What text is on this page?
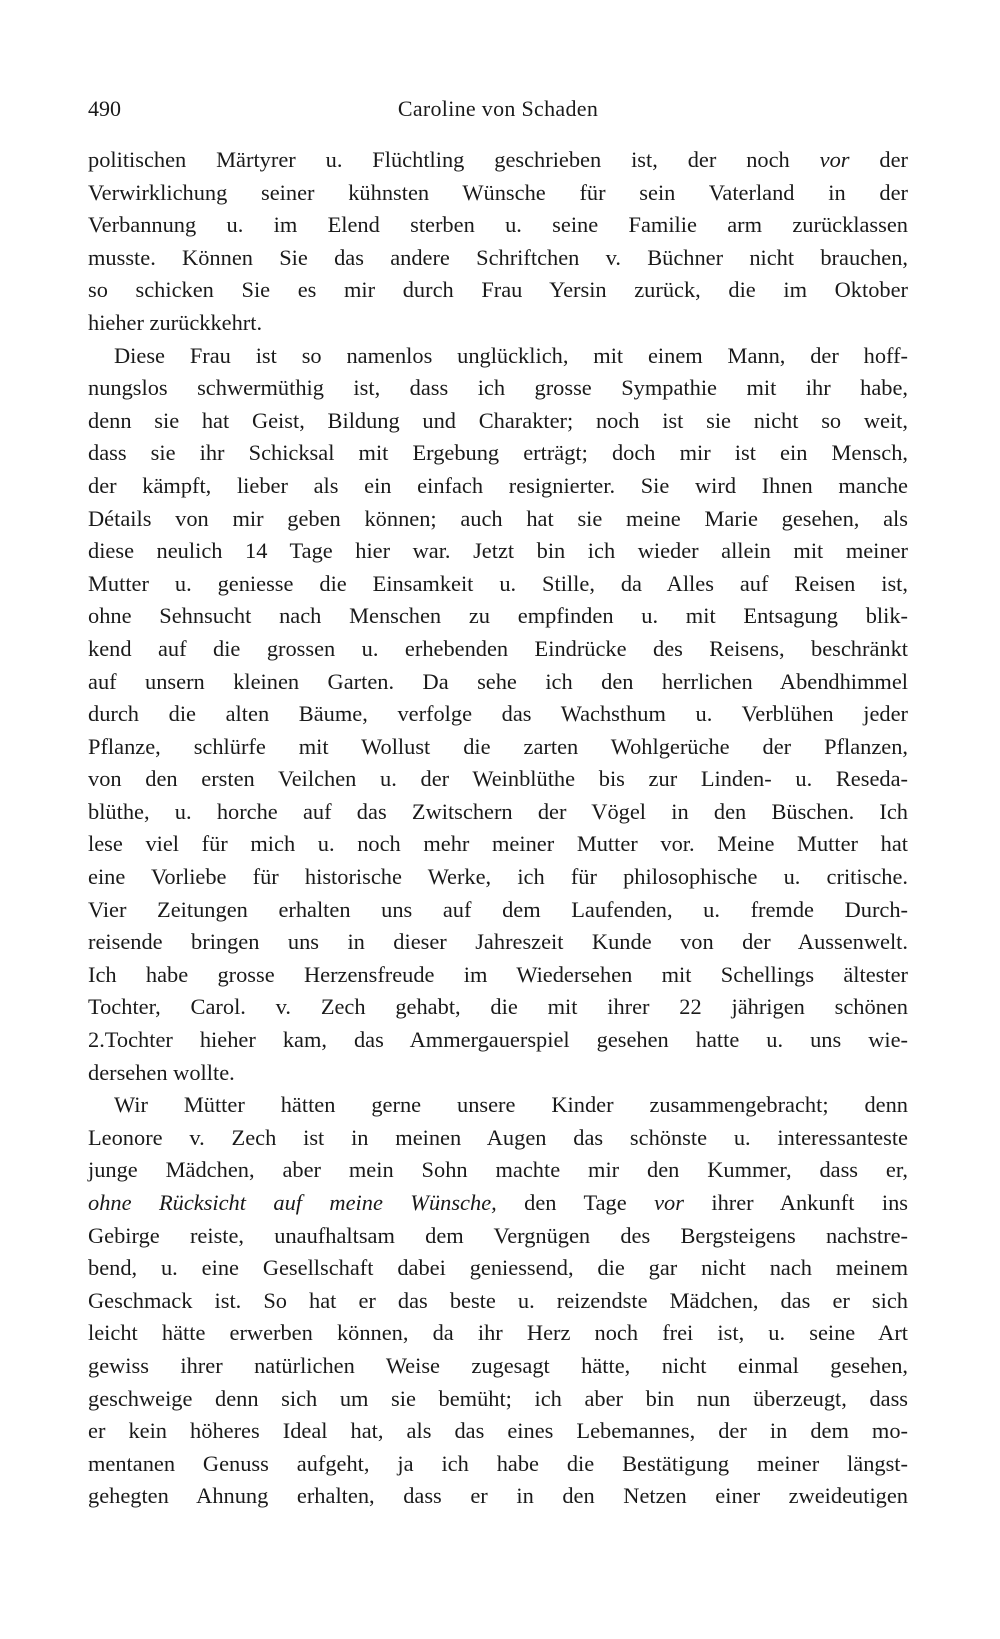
490	Caroline von Schaden
politischen Märtyrer u. Flüchtling geschrieben ist, der noch vor der
Verwirklichung seiner kühnsten Wünsche für sein Vaterland in der
Verbannung u. im Elend sterben u. seine Familie arm zurücklassen
musste. Können Sie das andere Schriftchen v. Büchner nicht brauchen,
so schicken Sie es mir durch Frau Yersin zurück, die im Oktober
hieher zurückkehrt.
Diese Frau ist so namenlos unglücklich, mit einem Mann, der hoff-
nungslos schwermüthig ist, dass ich grosse Sympathie mit ihr habe,
denn sie hat Geist, Bildung und Charakter; noch ist sie nicht so weit,
dass sie ihr Schicksal mit Ergebung erträgt; doch mir ist ein Mensch,
der kämpft, lieber als ein einfach resignierter. Sie wird Ihnen manche
Détails von mir geben können; auch hat sie meine Marie gesehen, als
diese neulich 14 Tage hier war. Jetzt bin ich wieder allein mit meiner
Mutter u. geniesse die Einsamkeit u. Stille, da Alles auf Reisen ist,
ohne Sehnsucht nach Menschen zu empfinden u. mit Entsagung blik-
kend auf die grossen u. erhebenden Eindrücke des Reisens, beschränkt
auf unsern kleinen Garten. Da sehe ich den herrlichen Abendhimmel
durch die alten Bäume, verfolge das Wachsthum u. Verblühen jeder
Pflanze, schlürfe mit Wollust die zarten Wohlgerüche der Pflanzen,
von den ersten Veilchen u. der Weinblüthe bis zur Linden- u. Reseda-
blüthe, u. horche auf das Zwitschern der Vögel in den Büschen. Ich
lese viel für mich u. noch mehr meiner Mutter vor. Meine Mutter hat
eine Vorliebe für historische Werke, ich für philosophische u. critische.
Vier Zeitungen erhalten uns auf dem Laufenden, u. fremde Durch-
reisende bringen uns in dieser Jahreszeit Kunde von der Aussenwelt.
Ich habe grosse Herzensfreude im Wiedersehen mit Schellings ältester
Tochter, Carol. v. Zech gehabt, die mit ihrer 22 jährigen schönen
2.Tochter hieher kam, das Ammergauerspiel gesehen hatte u. uns wie-
dersehen wollte.
Wir Mütter hätten gerne unsere Kinder zusammengebracht; denn
Leonore v. Zech ist in meinen Augen das schönste u. interessanteste
junge Mädchen, aber mein Sohn machte mir den Kummer, dass er,
ohne Rücksicht auf meine Wünsche, den Tage vor ihrer Ankunft ins
Gebirge reiste, unaufhaltsam dem Vergnügen des Bergsteigens nachstre-
bend, u. eine Gesellschaft dabei geniessend, die gar nicht nach meinem
Geschmack ist. So hat er das beste u. reizendste Mädchen, das er sich
leicht hätte erwerben können, da ihr Herz noch frei ist, u. seine Art
gewiss ihrer natürlichen Weise zugesagt hätte, nicht einmal gesehen,
geschweige denn sich um sie bemüht; ich aber bin nun überzeugt, dass
er kein höheres Ideal hat, als das eines Lebemannes, der in dem mo-
mentanen Genuss aufgeht, ja ich habe die Bestätigung meiner längst-
gehegten Ahnung erhalten, dass er in den Netzen einer zweideutigen
